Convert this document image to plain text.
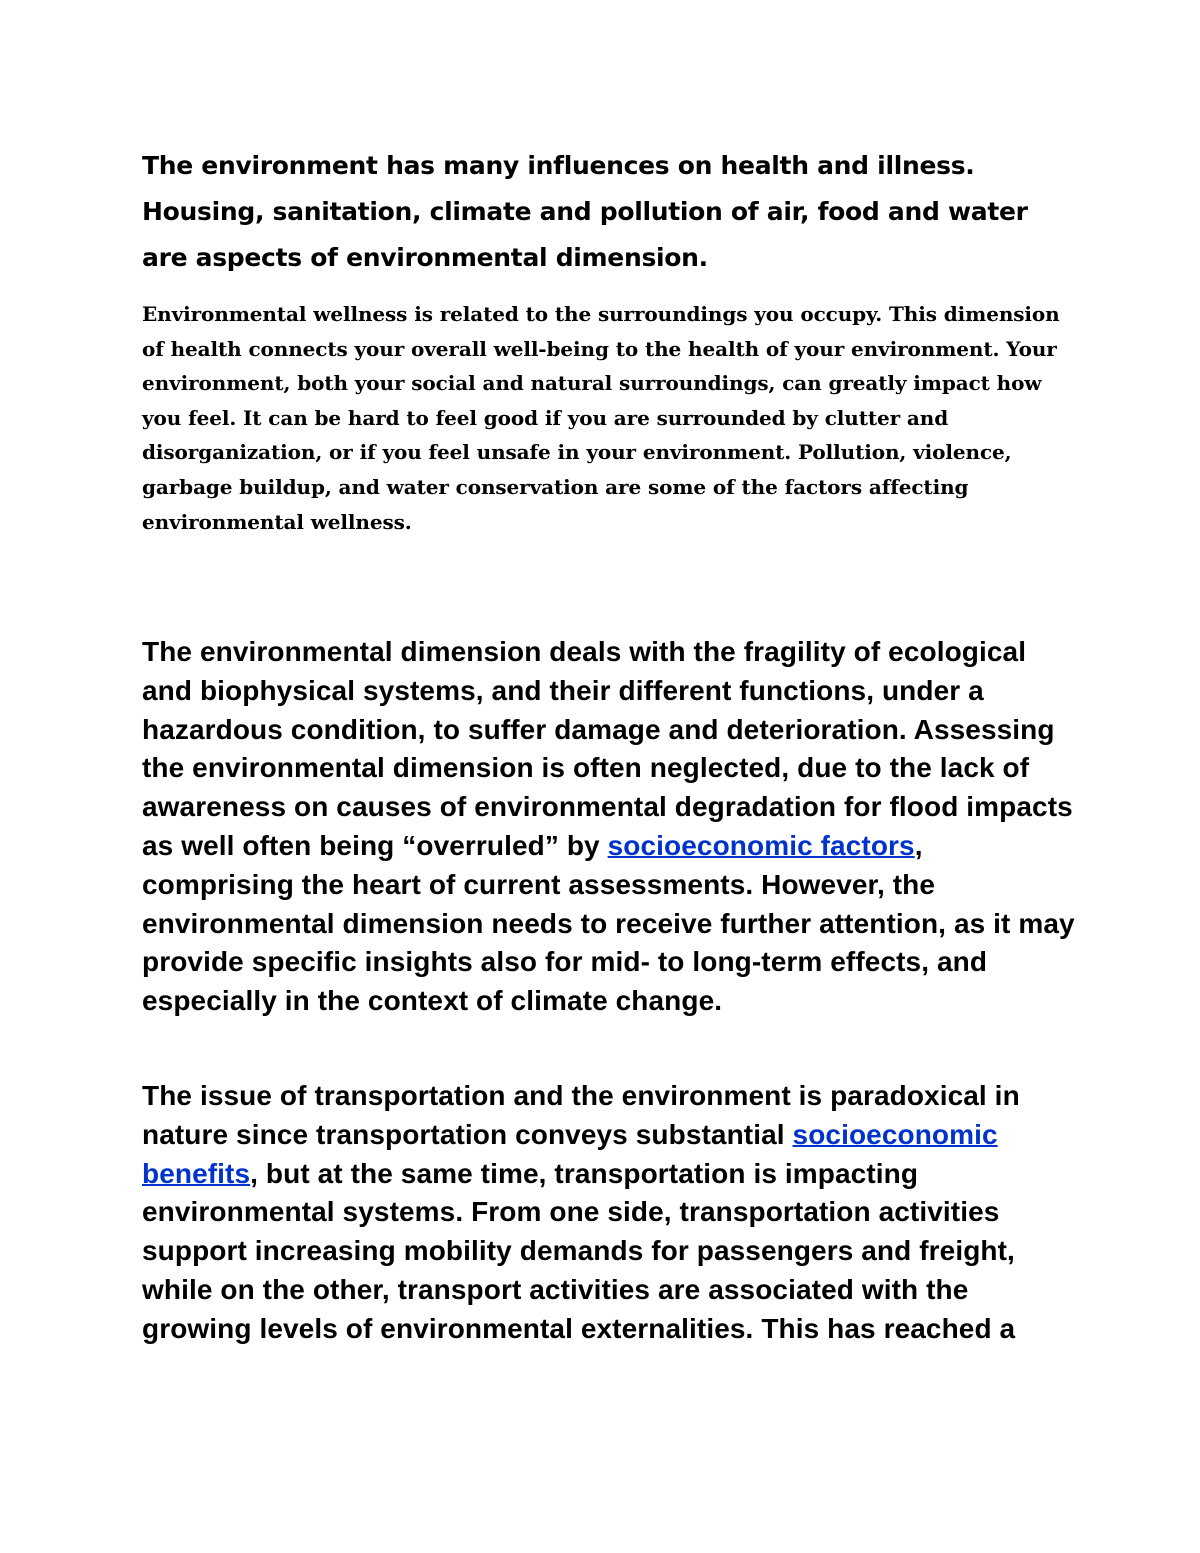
The environment has many influences on health and illness. Housing, sanitation, climate and pollution of air, food and water are aspects of environmental dimension.

Environmental wellness is related to the surroundings you occupy. This dimension of health connects your overall well-being to the health of your environment. Your environment, both your social and natural surroundings, can greatly impact how you feel. It can be hard to feel good if you are surrounded by clutter and disorganization, or if you feel unsafe in your environment. Pollution, violence, garbage buildup, and water conservation are some of the factors affecting environmental wellness.

The environmental dimension deals with the fragility of ecological and biophysical systems, and their different functions, under a hazardous condition, to suffer damage and deterioration. Assessing the environmental dimension is often neglected, due to the lack of awareness on causes of environmental degradation for flood impacts as well often being “overruled” by socioeconomic factors, comprising the heart of current assessments. However, the environmental dimension needs to receive further attention, as it may provide specific insights also for mid- to long-term effects, and especially in the context of climate change.

The issue of transportation and the environment is paradoxical in nature since transportation conveys substantial socioeconomic benefits, but at the same time, transportation is impacting environmental systems. From one side, transportation activities support increasing mobility demands for passengers and freight, while on the other, transport activities are associated with the growing levels of environmental externalities. This has reached a
